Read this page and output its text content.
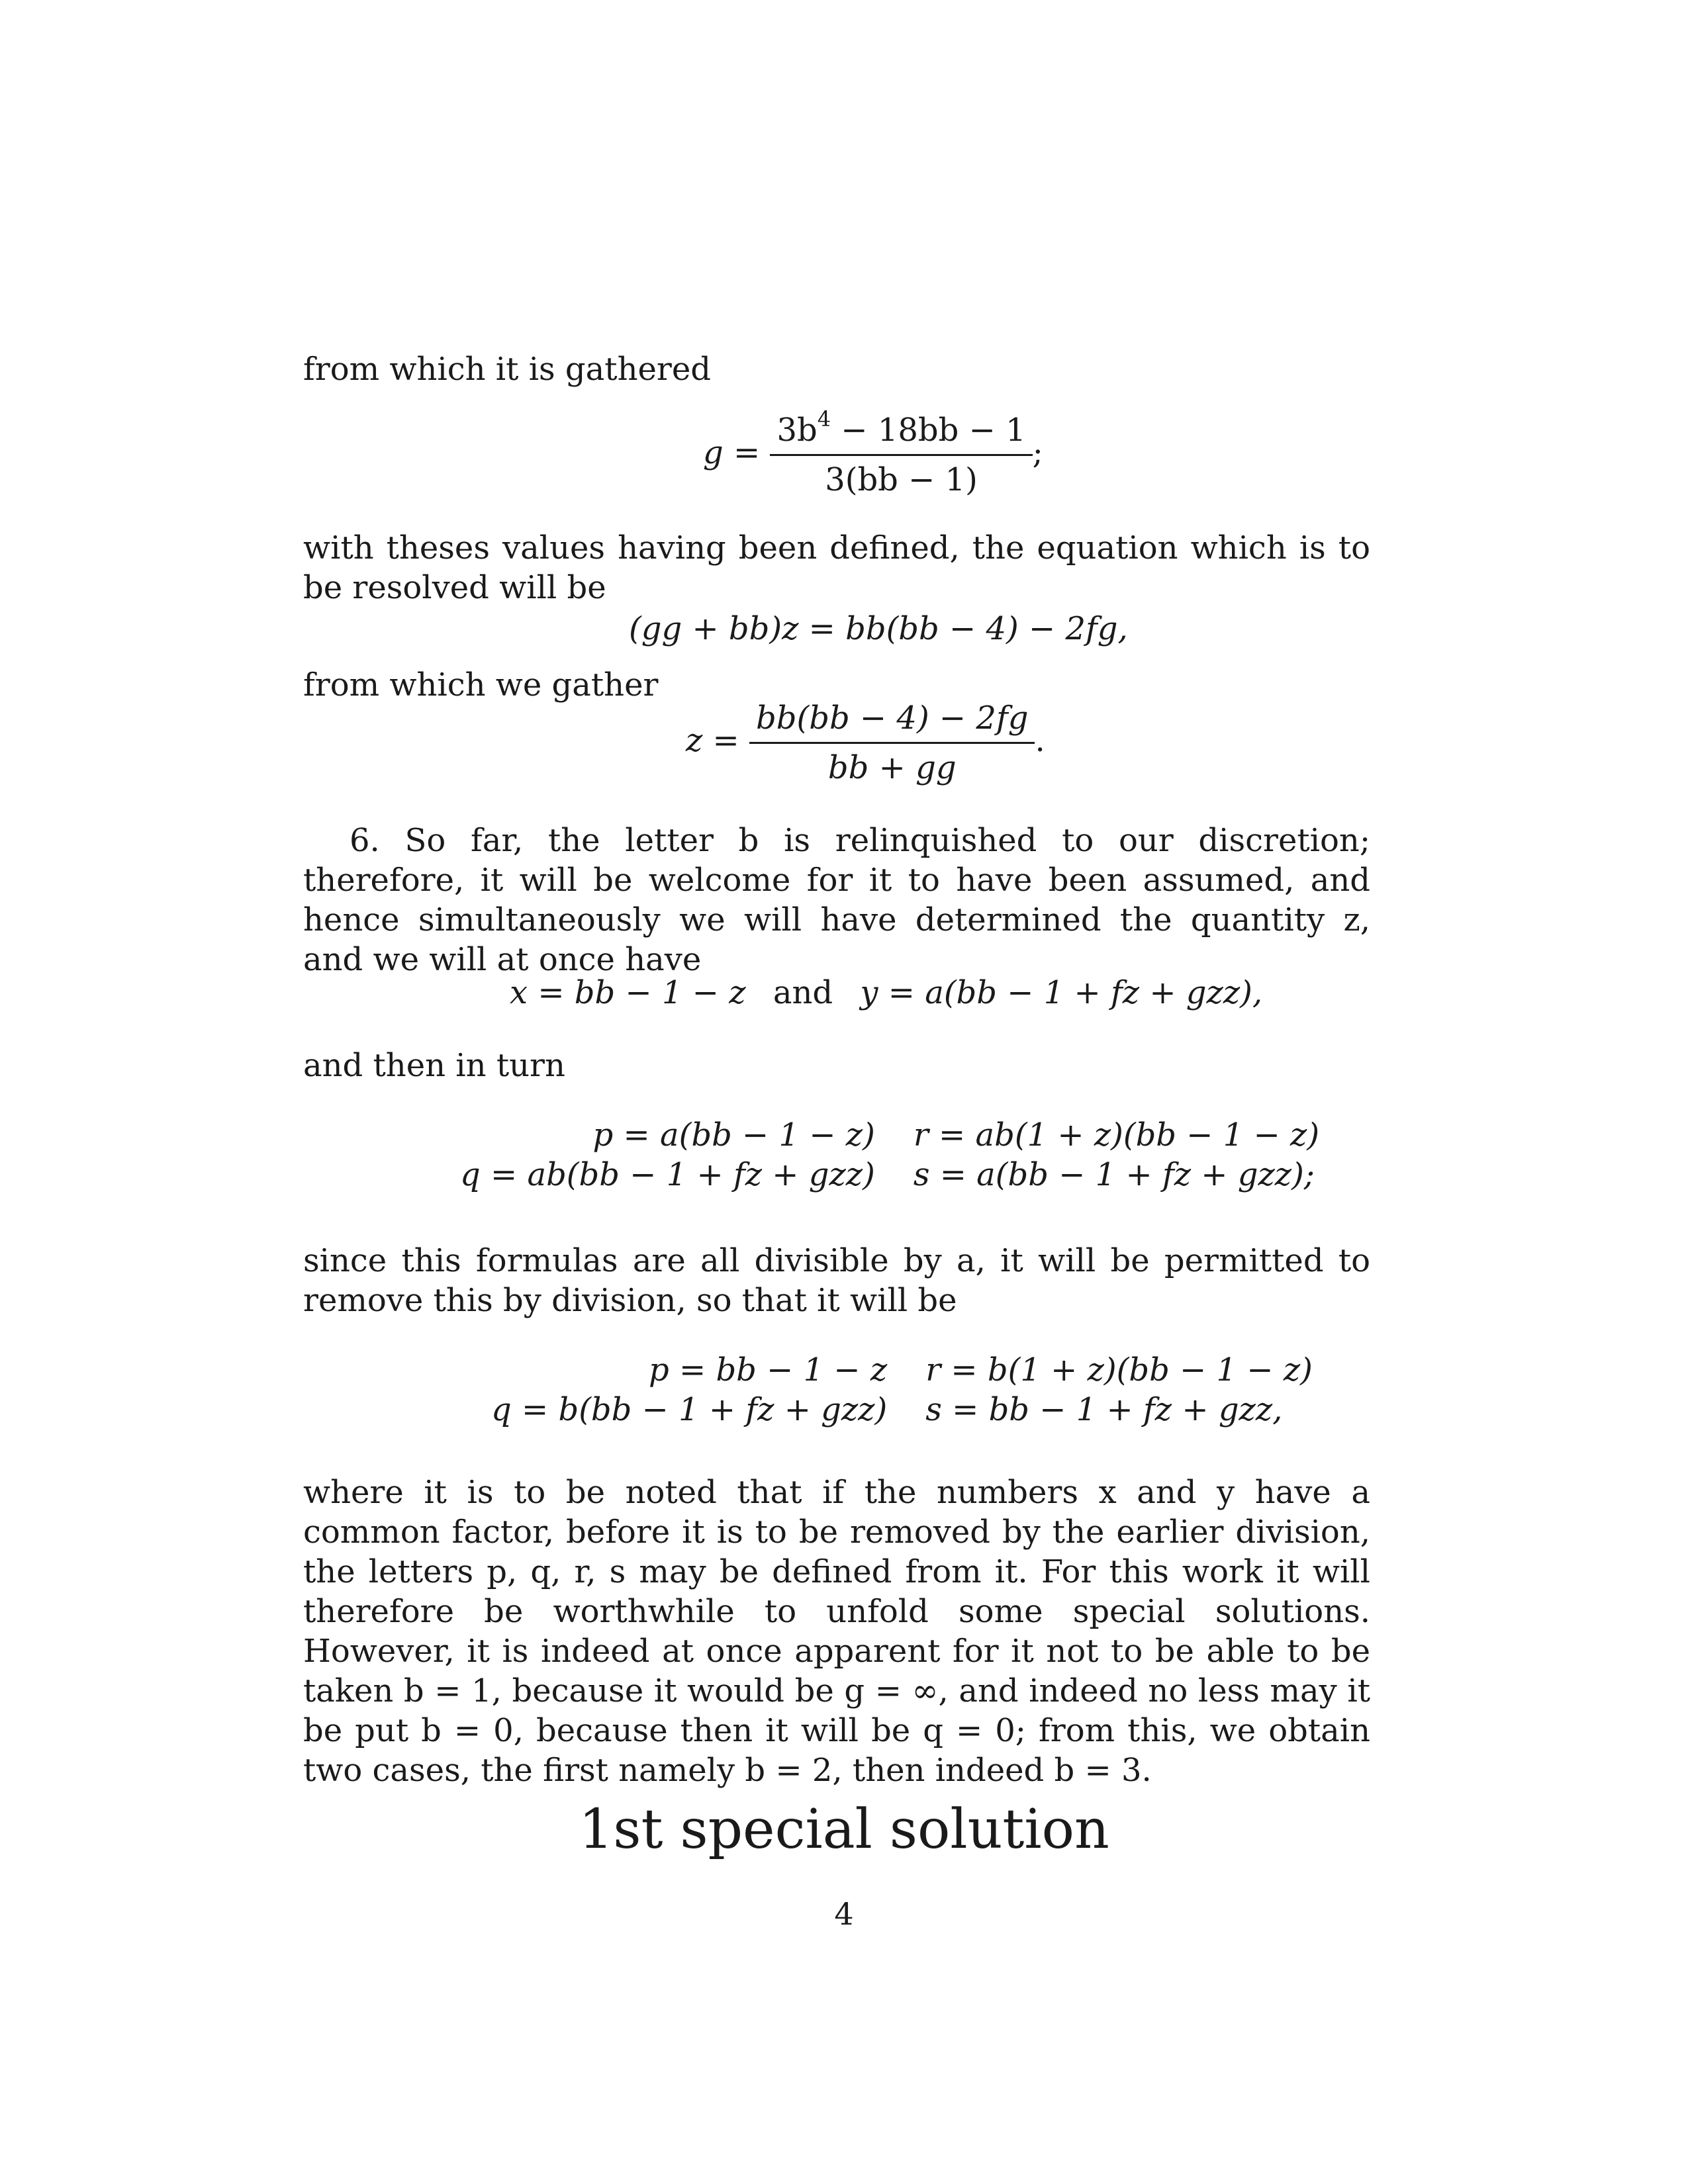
from which it is gathered
$g = \frac{3b^4 - 18bb - 1}{3(bb - 1)}$ ;
with theses values having been defined, the equation which is to be resolved will be
(gg + bb)z = bb(bb − 4) − 2fg,
from which we gather
$z = \frac{bb(bb - 4) - 2fg}{bb + gg}$ .
6. So far, the letter b is relinquished to our discretion; therefore, it will be welcome for it to have been assumed, and hence simultaneously we will have determined the quantity z, and we will at once have
x = bb − 1 − z and y = a(bb − 1 + fz + gzz),
and then in turn
p = a(bb − 1 − z)	r = ab(1 + z)(bb − 1 − z)
q = ab(bb − 1 + fz + gzz)	s = a(bb − 1 + fz + gzz);
since this formulas are all divisible by a, it will be permitted to remove this by division, so that it will be
p = bb − 1 − z	r = b(1 + z)(bb − 1 − z)
q = b(bb − 1 + fz + gzz)	s = bb − 1 + fz + gzz,
where it is to be noted that if the numbers x and y have a common factor, before it is to be removed by the earlier division, the letters p, q, r, s may be defined from it. For this work it will therefore be worthwhile to unfold some special solutions. However, it is indeed at once apparent for it not to be able to be taken b = 1, because it would be g = ∞, and indeed no less may it be put b = 0, because then it will be q = 0; from this, we obtain two cases, the first namely b = 2, then indeed b = 3.
1st special solution
4
